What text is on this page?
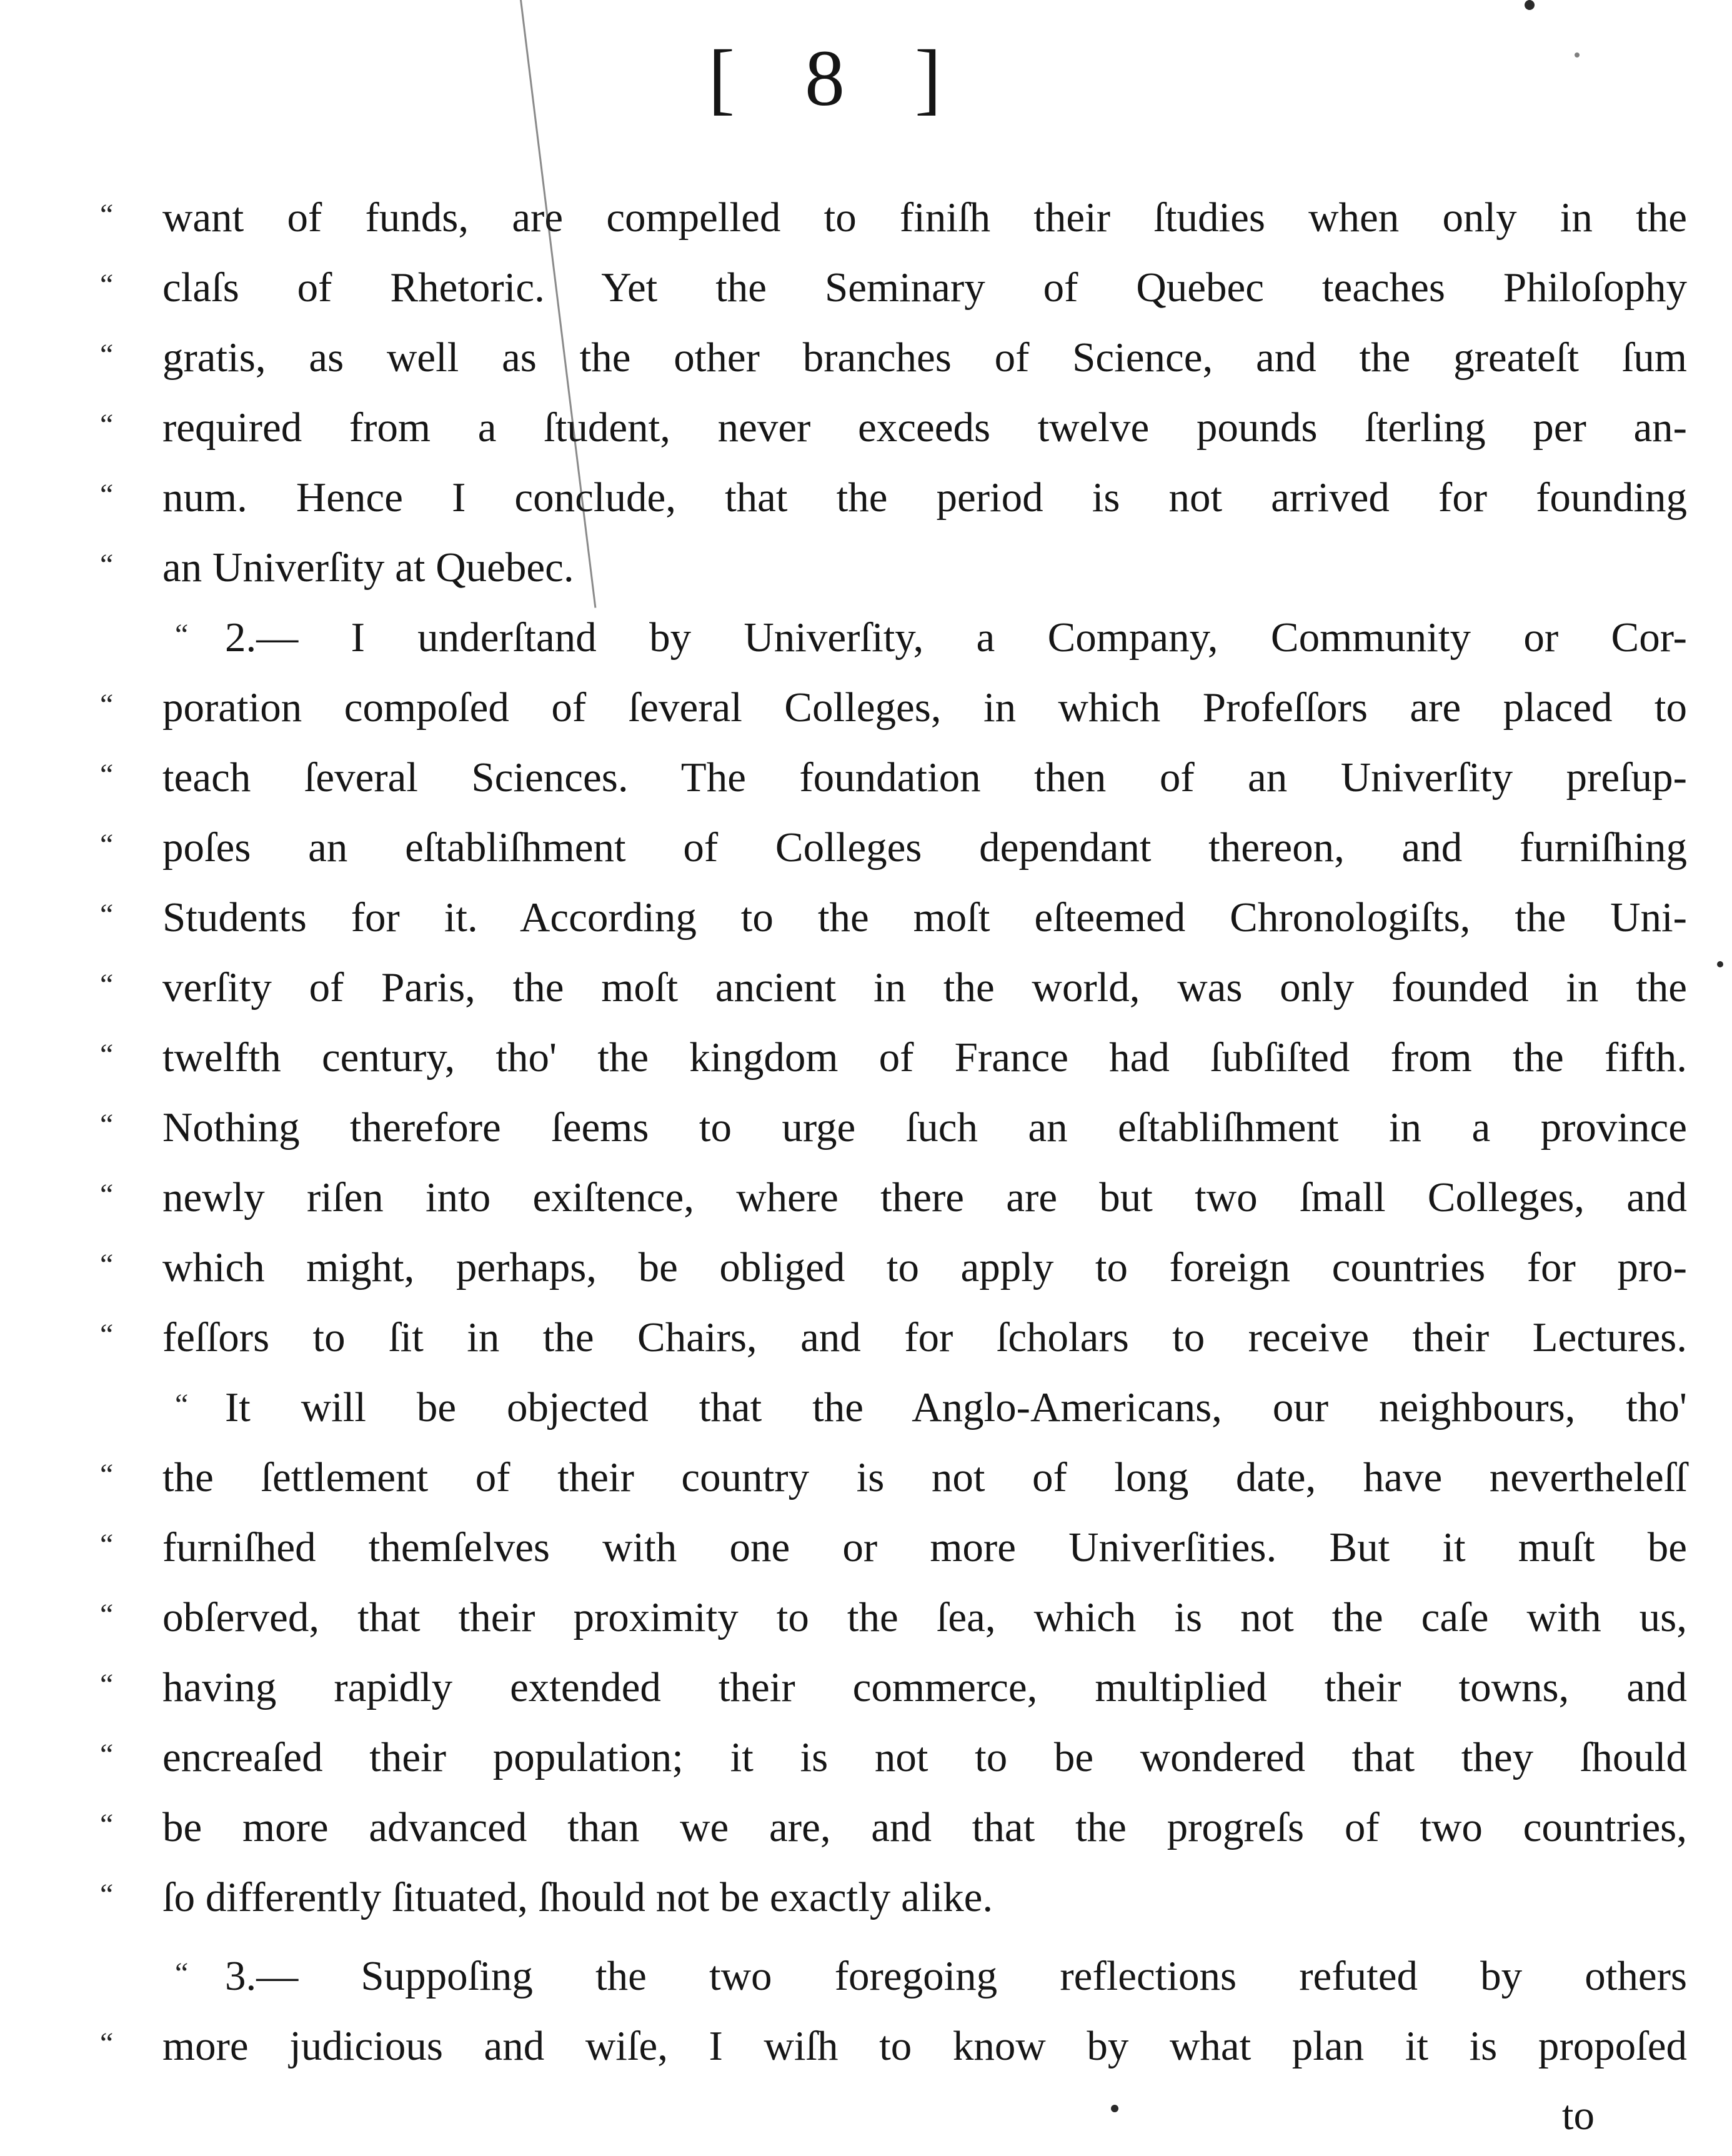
[ 8 ]
“ want of funds, are compelled to finiſh their ſtudies when only in the
“ claſs of Rhetoric. Yet the Seminary of Quebec teaches Philoſophy
“ gratis, as well as the other branches of Science, and the greateſt ſum
“ required from a ſtudent, never exceeds twelve pounds ſterling per an-
“ num. Hence I conclude, that the period is not arrived for founding
“ an Univerſity at Quebec.
“ 2.— I underſtand by Univerſity, a Company, Community or Cor-
“ poration compoſed of ſeveral Colleges, in which Profeſſors are placed to
“ teach ſeveral Sciences. The foundation then of an Univerſity preſup-
“ poſes an eſtabliſhment of Colleges dependant thereon, and furniſhing
“ Students for it. According to the moſt eſteemed Chronologiſts, the Uni-
“ verſity of Paris, the moſt ancient in the world, was only founded in the
“ twelfth century, tho' the kingdom of France had ſubſiſted from the fifth.
“ Nothing therefore ſeems to urge ſuch an eſtabliſhment in a province
“ newly riſen into exiſtence, where there are but two ſmall Colleges, and
“ which might, perhaps, be obliged to apply to foreign countries for pro-
“ feſſors to ſit in the Chairs, and for ſcholars to receive their Lectures.
“ It will be objected that the Anglo-Americans, our neighbours, tho'
“ the ſettlement of their country is not of long date, have nevertheleſſ
“ furniſhed themſelves with one or more Univerſities. But it muſt be
“ obſerved, that their proximity to the ſea, which is not the caſe with us,
“ having rapidly extended their commerce, multiplied their towns, and
“ encreaſed their population; it is not to be wondered that they ſhould
“ be more advanced than we are, and that the progreſs of two countries,
“ ſo differently ſituated, ſhould not be exactly alike.
“ 3.— Suppoſing the two foregoing reflections refuted by others
“ more judicious and wiſe, I wiſh to know by what plan it is propoſed
to
